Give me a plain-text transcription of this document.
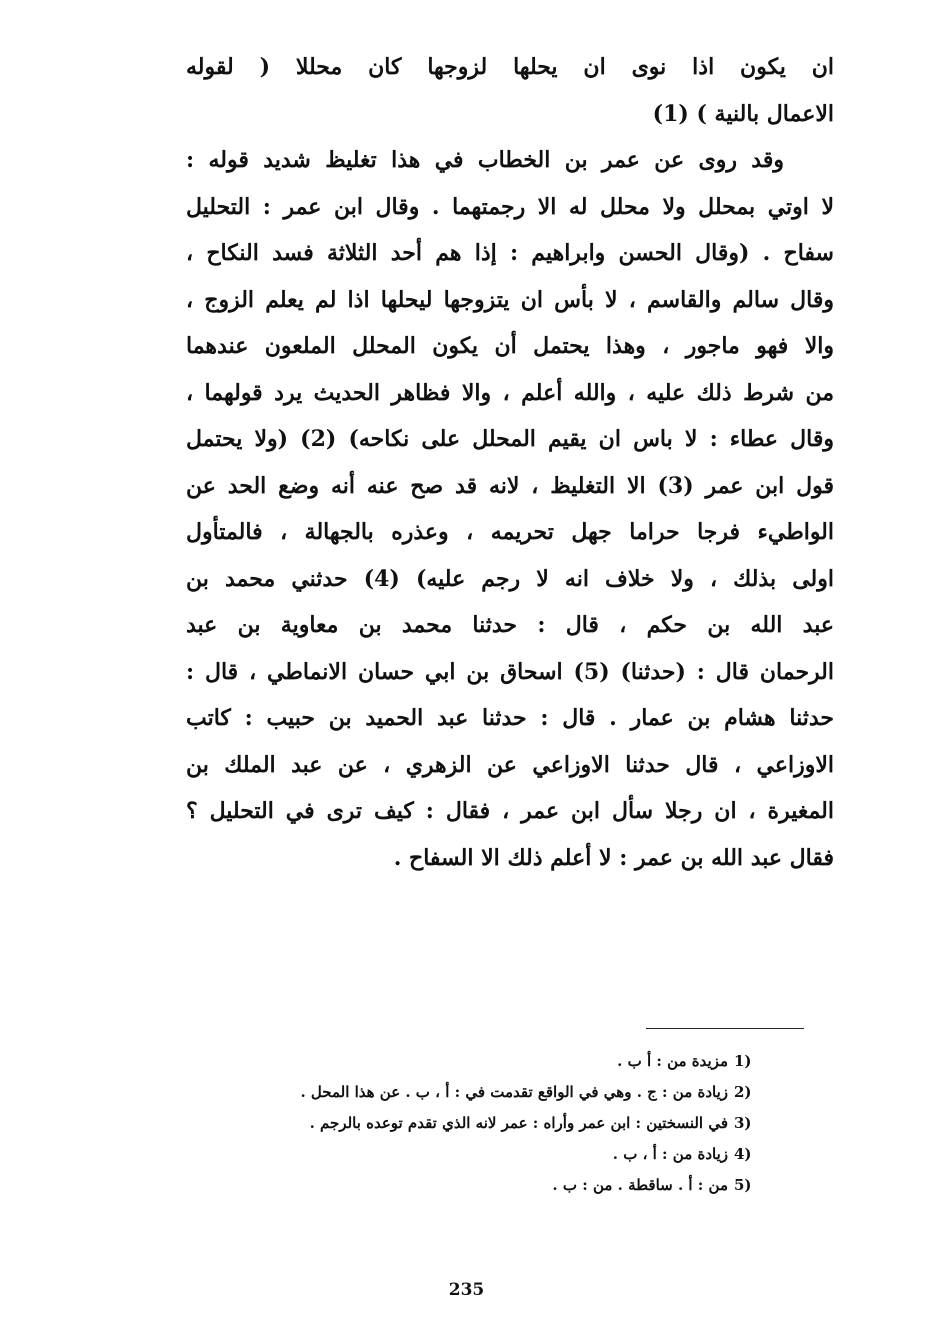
ان يكون اذا نوى ان يحلها لزوجها كان محللا ( لقوله
الاعمال بالنية ) (1)
وقد روى عن عمر بن الخطاب في هذا تغليظ شديد قوله :
لا اوتي بمحلل ولا محلل له الا رجمتهما . وقال ابن عمر : التحليل
سفاح . (وقال الحسن وابراهيم : إذا هم أحد الثلاثة فسد النكاح ،
وقال سالم والقاسم ، لا بأس ان يتزوجها ليحلها اذا لم يعلم الزوج ،
والا فهو ماجور ، وهذا يحتمل أن يكون المحلل الملعون عندهما
من شرط ذلك عليه ، والله أعلم ، والا فظاهر الحديث يرد قولهما ،
وقال عطاء : لا باس ان يقيم المحلل على نكاحه) (2) (ولا يحتمل
قول ابن عمر (3) الا التغليظ ، لانه قد صح عنه أنه وضع الحد عن
الواطيء فرجا حراما جهل تحريمه ، وعذره بالجهالة ، فالمتأول
اولى بذلك ، ولا خلاف انه لا رجم عليه) (4) حدثني محمد بن
عبد الله بن حكم ، قال : حدثنا محمد بن معاوية بن عبد
الرحمان قال : (حدثنا) (5) اسحاق بن ابي حسان الانماطي ، قال :
حدثنا هشام بن عمار . قال : حدثنا عبد الحميد بن حبيب : كاتب
الاوزاعي ، قال حدثنا الاوزاعي عن الزهري ، عن عبد الملك بن
المغيرة ، ان رجلا سأل ابن عمر ، فقال : كيف ترى في التحليل ؟
فقال عبد الله بن عمر : لا أعلم ذلك الا السفاح .
1)
مزيدة من : أ ب .
2)
زيادة من : ج . وهي في الواقع تقدمت في : أ ، ب . عن هذا المحل .
3)
في النسختين : ابن عمر وأراه : عمر لانه الذي تقدم توعده بالرجم .
4)
زيادة من : أ ، ب .
5)
من : أ . ساقطة . من : ب .
235
